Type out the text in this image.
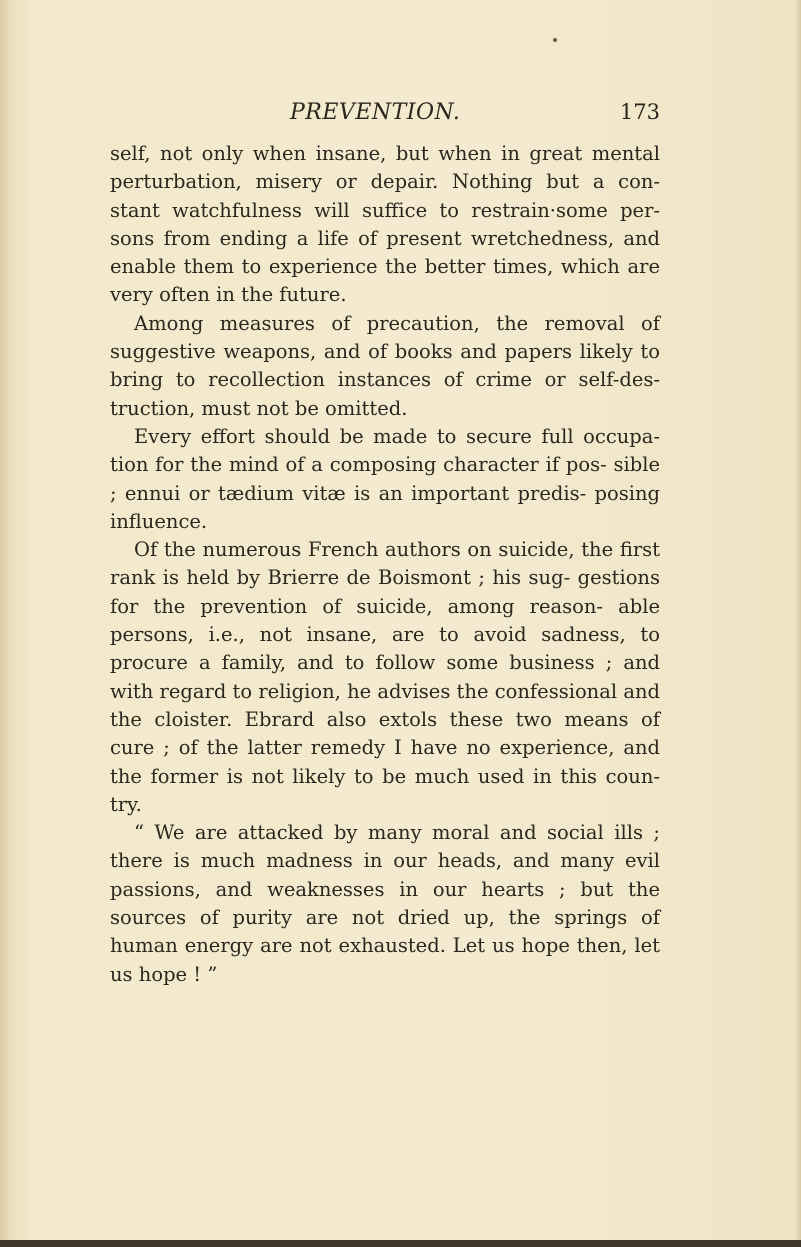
PREVENTION.	173

self, not only when insane, but when in great mental perturbation, misery or depair. Nothing but a con- stant watchfulness will suffice to restrain·some per- sons from ending a life of present wretchedness, and enable them to experience the better times, which are very often in the future.

Among measures of precaution, the removal of suggestive weapons, and of books and papers likely to bring to recollection instances of crime or self-des- truction, must not be omitted.

Every effort should be made to secure full occupa- tion for the mind of a composing character if pos- sible ; ennui or tædium vitæ is an important predis- posing influence.

Of the numerous French authors on suicide, the first rank is held by Brierre de Boismont ; his sug- gestions for the prevention of suicide, among reason- able persons, i.e., not insane, are to avoid sadness, to procure a family, and to follow some business ; and with regard to religion, he advises the confessional and the cloister. Ebrard also extols these two means of cure ; of the latter remedy I have no experience, and the former is not likely to be much used in this coun- try.

“ We are attacked by many moral and social ills ; there is much madness in our heads, and many evil passions, and weaknesses in our hearts ; but the sources of purity are not dried up, the springs of human energy are not exhausted. Let us hope then, let us hope ! ”
